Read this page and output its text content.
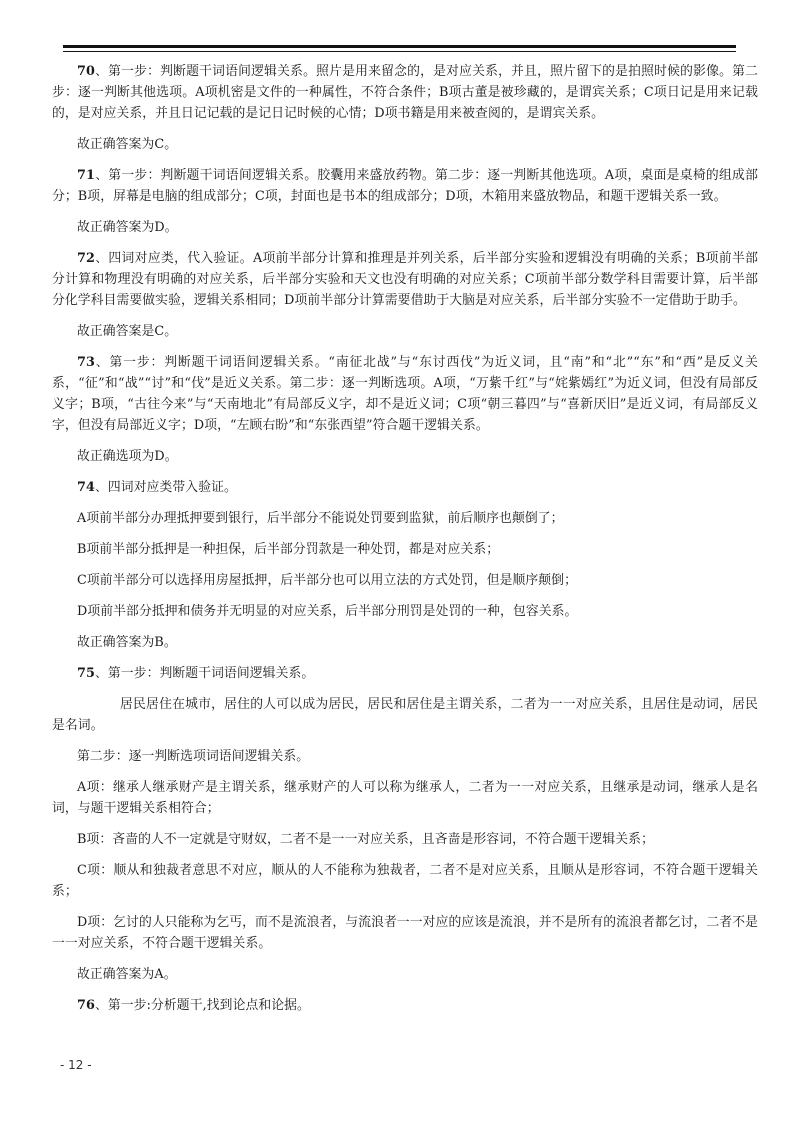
70、第一步：判断题干词语间逻辑关系。照片是用来留念的，是对应关系，并且，照片留下的是拍照时候的影像。第二步：逐一判断其他选项。A项机密是文件的一种属性，不符合条件；B项古董是被珍藏的，是谓宾关系；C项日记是用来记载的，是对应关系，并且日记记载的是记日记时候的心情；D项书籍是用来被查阅的，是谓宾关系。

故正确答案为C。

71、第一步：判断题干词语间逻辑关系。胶囊用来盛放药物。第二步：逐一判断其他选项。A项，桌面是桌椅的组成部分；B项，屏幕是电脑的组成部分；C项，封面也是书本的组成部分；D项，木箱用来盛放物品，和题干逻辑关系一致。

故正确答案为D。

72、四词对应类，代入验证。A项前半部分计算和推理是并列关系，后半部分实验和逻辑没有明确的关系；B项前半部分计算和物理没有明确的对应关系，后半部分实验和天文也没有明确的对应关系；C项前半部分数学科目需要计算，后半部分化学科目需要做实验，逻辑关系相同；D项前半部分计算需要借助于大脑是对应关系，后半部分实验不一定借助于助手。

故正确答案是C。

73、第一步：判断题干词语间逻辑关系。“南征北战”与“东讨西伐”为近义词，且“南”和“北”“东”和“西”是反义关系，“征”和“战”“讨”和“伐”是近义关系。第二步：逐一判断选项。A项，“万紫千红”与“姹紫嫣红”为近义词，但没有局部反义字；B项，“古往今来”与“天南地北”有局部反义字，却不是近义词；C项“朝三暮四”与“喜新厌旧”是近义词，有局部反义字，但没有局部近义字；D项，“左顾右盼”和“东张西望”符合题干逻辑关系。

故正确选项为D。

74、四词对应类带入验证。

A项前半部分办理抵押要到银行，后半部分不能说处罚要到监狱，前后顺序也颠倒了；

B项前半部分抵押是一种担保，后半部分罚款是一种处罚，都是对应关系；

C项前半部分可以选择用房屋抵押，后半部分也可以用立法的方式处罚，但是顺序颠倒；

D项前半部分抵押和债务并无明显的对应关系，后半部分刑罚是处罚的一种，包容关系。

故正确答案为B。

75、第一步：判断题干词语间逻辑关系。

居民居住在城市，居住的人可以成为居民，居民和居住是主谓关系，二者为一一对应关系，且居住是动词，居民是名词。

第二步：逐一判断选项词语间逻辑关系。

A项：继承人继承财产是主谓关系，继承财产的人可以称为继承人，二者为一一对应关系，且继承是动词，继承人是名词，与题干逻辑关系相符合；

B项：吝啬的人不一定就是守财奴，二者不是一一对应关系，且吝啬是形容词，不符合题干逻辑关系；

C项：顺从和独裁者意思不对应，顺从的人不能称为独裁者，二者不是对应关系，且顺从是形容词，不符合题干逻辑关系；

D项：乞讨的人只能称为乞丐，而不是流浪者，与流浪者一一对应的应该是流浪，并不是所有的流浪者都乞讨，二者不是一一对应关系，不符合题干逻辑关系。

故正确答案为A。

76、第一步:分析题干,找到论点和论据。

- 12 -
